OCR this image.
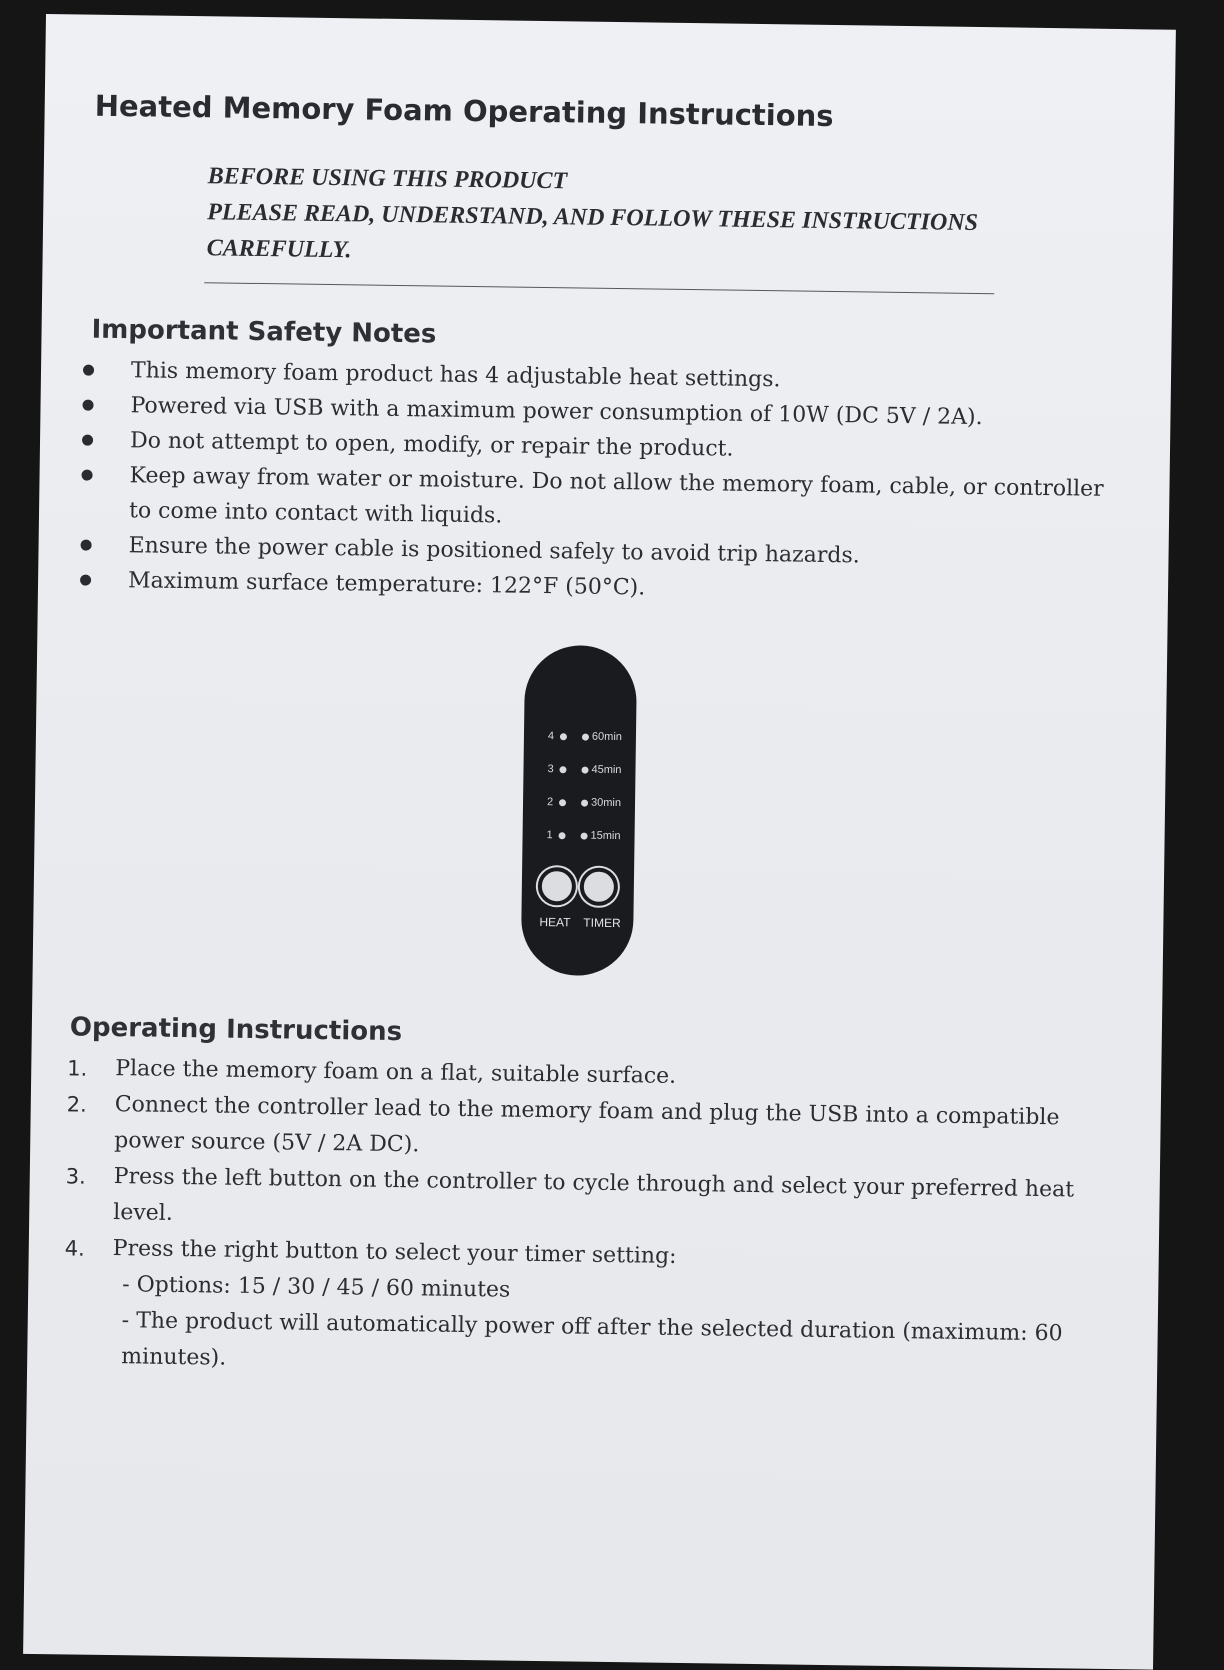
Heated Memory Foam Operating Instructions
BEFORE USING THIS PRODUCT
PLEASE READ, UNDERSTAND, AND FOLLOW THESE INSTRUCTIONS
CAREFULLY.
Important Safety Notes
This memory foam product has 4 adjustable heat settings.
Powered via USB with a maximum power consumption of 10W (DC 5V / 2A).
Do not attempt to open, modify, or repair the product.
Keep away from water or moisture. Do not allow the memory foam, cable, or controller to come into contact with liquids.
Ensure the power cable is positioned safely to avoid trip hazards.
Maximum surface temperature: 122°F (50°C).
4	60min
3	45min
2	30min
1	15min
HEAT TIMER
Operating Instructions
1. Place the memory foam on a flat, suitable surface.
2. Connect the controller lead to the memory foam and plug the USB into a compatible power source (5V / 2A DC).
3. Press the left button on the controller to cycle through and select your preferred heat level.
4. Press the right button to select your timer setting:
- Options: 15 / 30 / 45 / 60 minutes
- The product will automatically power off after the selected duration (maximum: 60 minutes).
